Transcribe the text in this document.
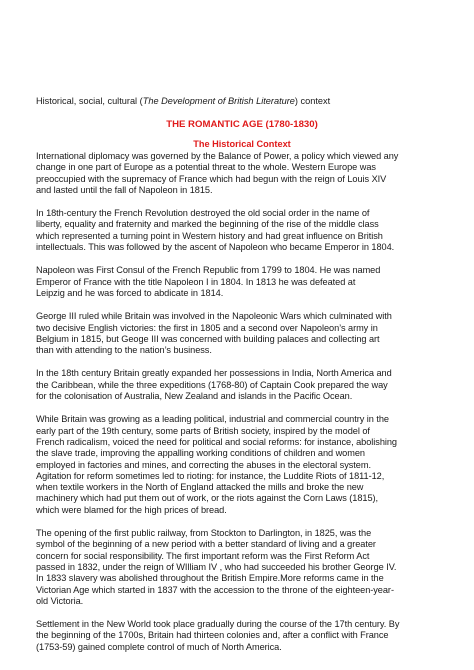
Historical, social, cultural (The Development of British Literature) context

THE ROMANTIC AGE (1780-1830)
The Historical Context

International diplomacy was governed by the Balance of Power, a policy which viewed any
change in one part of Europe as a potential threat to the whole. Western Europe was
preoccupied with the supremacy of France which had begun with the reign of Louis XIV
and lasted until the fall of Napoleon in 1815.

In 18th-century the French Revolution destroyed the old social order in the name of
liberty, equality and fraternity and marked the beginning of the rise of the middle class
which represented a turning point in Western history and had great influence on British
intellectuals. This was followed by the ascent of Napoleon who became Emperor in 1804.

Napoleon was First Consul of the French Republic from 1799 to 1804. He was named
Emperor of France with the title Napoleon I in 1804. In 1813 he was defeated at
Leipzig and he was forced to abdicate in 1814.

George III ruled while Britain was involved in the Napoleonic Wars which culminated with
two decisive English victories: the first in 1805 and a second over Napoleon’s army in
Belgium in 1815, but Geoge III was concerned with building palaces and collecting art
than with attending to the nation’s business.

In the 18th century Britain greatly expanded her possessions in India, North America and
the Caribbean, while the three expeditions (1768-80) of Captain Cook prepared the way
for the colonisation of Australia, New Zealand and islands in the Pacific Ocean.

While Britain was growing as a leading political, industrial and commercial country in the
early part of the 19th century, some parts of British society, inspired by the model of
French radicalism, voiced the need for political and social reforms: for instance, abolishing
the slave trade, improving the appalling working conditions of children and women
employed in factories and mines, and correcting the abuses in the electoral system.
Agitation for reform sometimes led to rioting: for instance, the Luddite Riots of 1811-12,
when textile workers in the North of England attacked the mills and broke the new
machinery which had put them out of work, or the riots against the Corn Laws (1815),
which were blamed for the high prices of bread.

The opening of the first public railway, from Stockton to Darlington, in 1825, was the
symbol of the beginning of a new period with a better standard of living and a greater
concern for social responsibility. The first important reform was the First Reform Act
passed in 1832, under the reign of WIlliam IV , who had succeeded his brother George IV.
In 1833 slavery was abolished throughout the British Empire.More reforms came in the
Victorian Age which started in 1837 with the accession to the throne of the eighteen-year-
old Victoria.

Settlement in the New World took place gradually during the course of the 17th century. By
the beginning of the 1700s, Britain had thirteen colonies and, after a conflict with France
(1753-59) gained complete control of much of North America.
